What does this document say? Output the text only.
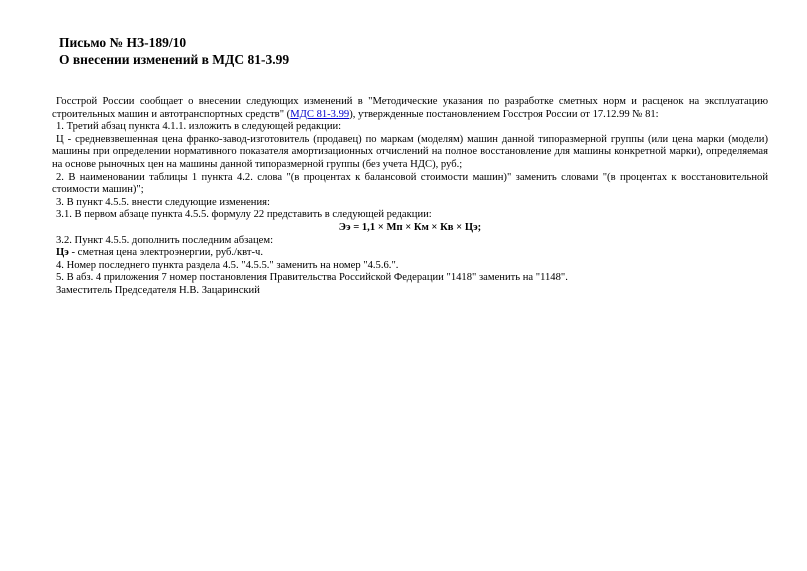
Письмо № НЗ-189/10
О внесении изменений в МДС 81-3.99

Госстрой России сообщает о внесении следующих изменений в "Методические указания по разработке сметных норм и расценок на эксплуатацию строительных машин и автотранспортных средств" (МДС 81-3.99), утвержденные постановлением Госстроя России от 17.12.99 № 81:

1. Третий абзац пункта 4.1.1. изложить в следующей редакции:

Ц - средневзвешенная цена франко-завод-изготовитель (продавец) по маркам (моделям) машин данной типоразмерной группы (или цена марки (модели) машины при определении нормативного показателя амортизационных отчислений на полное восстановление для машины конкретной марки), определяемая на основе рыночных цен на машины данной типоразмерной группы (без учета НДС), руб.;

2. В наименовании таблицы 1 пункта 4.2. слова "(в процентах к балансовой стоимости машин)" заменить словами "(в процентах к восстановительной стоимости машин)";

3. В пункт 4.5.5. внести следующие изменения:

3.1. В первом абзаце пункта 4.5.5. формулу 22 представить в следующей редакции:

Ээ = 1,1 × Мп × Км × Кв × Цэ;

3.2. Пункт 4.5.5. дополнить последним абзацем:

Цэ - сметная цена электроэнергии, руб./квт-ч.

4. Номер последнего пункта раздела 4.5. "4.5.5." заменить на номер "4.5.6.".

5. В абз. 4 приложения 7 номер постановления Правительства Российской Федерации "1418" заменить на "1148".

Заместитель Председателя Н.В. Зацаринский
